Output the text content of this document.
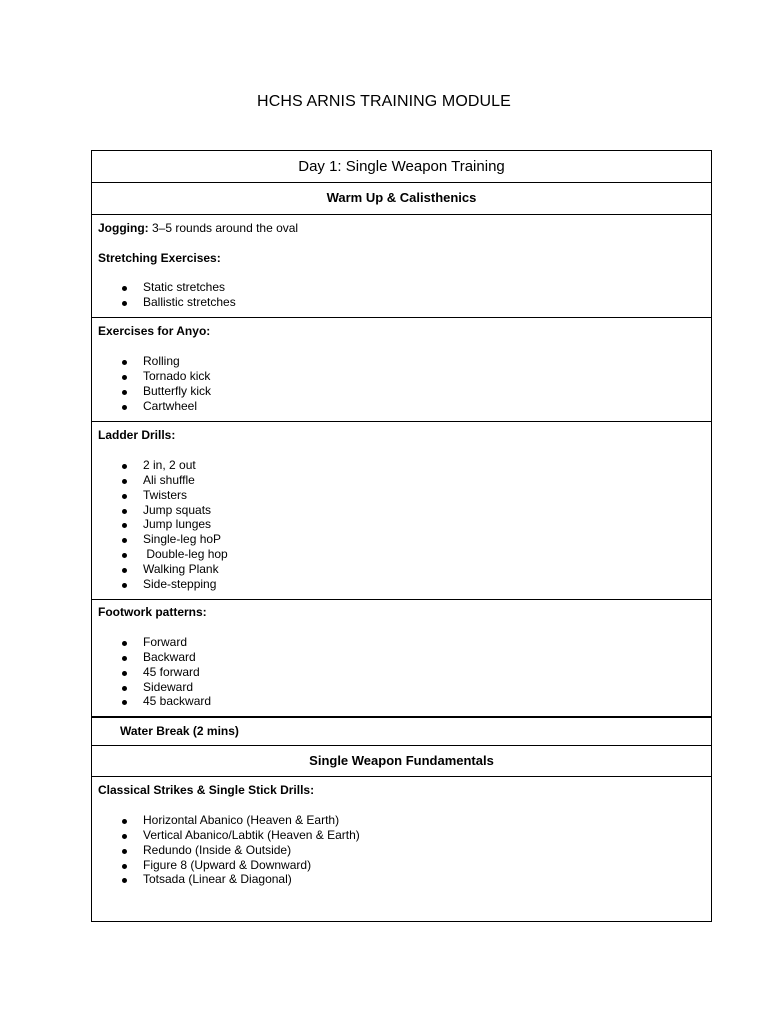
HCHS ARNIS TRAINING MODULE
Day 1: Single Weapon Training
Warm Up & Calisthenics
Jogging: 3–5 rounds around the oval
Stretching Exercises:
Static stretches
Ballistic stretches
Exercises for Anyo:
Rolling
Tornado kick
Butterfly kick
Cartwheel
Ladder Drills:
2 in, 2 out
Ali shuffle
Twisters
Jump squats
Jump lunges
Single-leg hoP
Double-leg hop
Walking Plank
Side-stepping
Footwork patterns:
Forward
Backward
45 forward
Sideward
45 backward
Water Break (2 mins)
Single Weapon Fundamentals
Classical Strikes & Single Stick Drills:
Horizontal Abanico (Heaven & Earth)
Vertical Abanico/Labtik (Heaven & Earth)
Redundo (Inside & Outside)
Figure 8 (Upward & Downward)
Totsada (Linear & Diagonal)
